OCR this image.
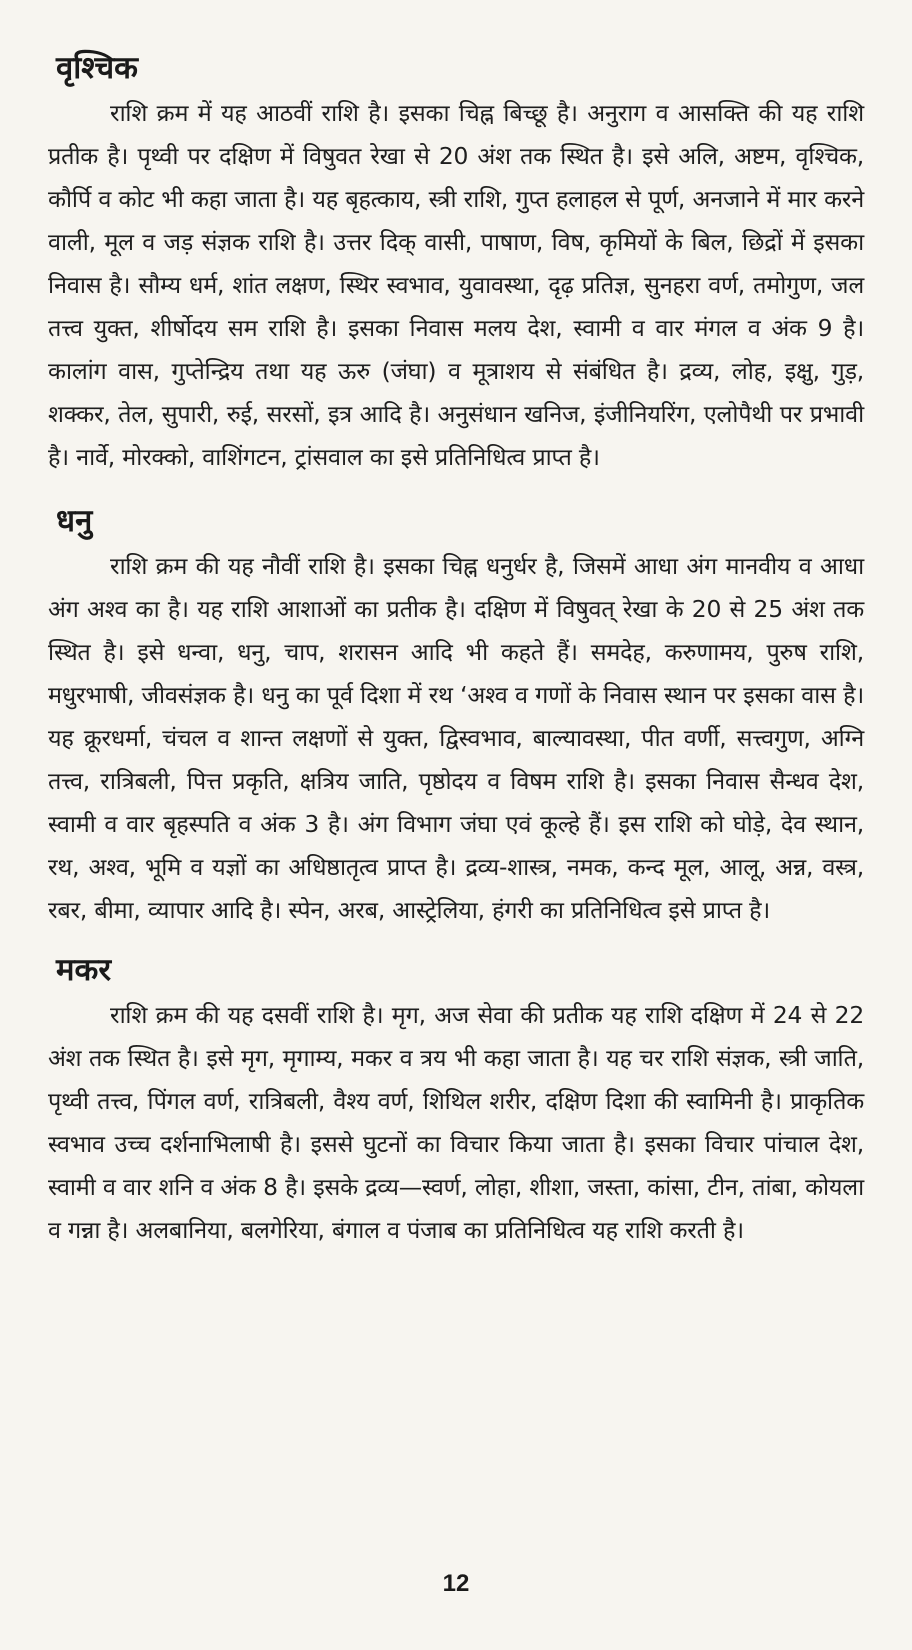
वृश्चिक

राशि क्रम में यह आठवीं राशि है। इसका चिह्न बिच्छू है। अनुराग व आसक्ति की यह राशि प्रतीक है। पृथ्वी पर दक्षिण में विषुवत रेखा से 20 अंश तक स्थित है। इसे अलि, अष्टम, वृश्चिक, कौर्पि व कोट भी कहा जाता है। यह बृहत्काय, स्त्री राशि, गुप्त हलाहल से पूर्ण, अनजाने में मार करने वाली, मूल व जड़ संज्ञक राशि है। उत्तर दिक् वासी, पाषाण, विष, कृमियों के बिल, छिद्रों में इसका निवास है। सौम्य धर्म, शांत लक्षण, स्थिर स्वभाव, युवावस्था, दृढ़ प्रतिज्ञ, सुनहरा वर्ण, तमोगुण, जल तत्त्व युक्त, शीर्षोदय सम राशि है। इसका निवास मलय देश, स्वामी व वार मंगल व अंक 9 है। कालांग वास, गुप्तेन्द्रिय तथा यह ऊरु (जंघा) व मूत्राशय से संबंधित है। द्रव्य, लोह, इक्षु, गुड़, शक्कर, तेल, सुपारी, रुई, सरसों, इत्र आदि है। अनुसंधान खनिज, इंजीनियरिंग, एलोपैथी पर प्रभावी है। नार्वे, मोरक्को, वाशिंगटन, ट्रांसवाल का इसे प्रतिनिधित्व प्राप्त है।

धनु

राशि क्रम की यह नौवीं राशि है। इसका चिह्न धनुर्धर है, जिसमें आधा अंग मानवीय व आधा अंग अश्व का है। यह राशि आशाओं का प्रतीक है। दक्षिण में विषुवत् रेखा के 20 से 25 अंश तक स्थित है। इसे धन्वा, धनु, चाप, शरासन आदि भी कहते हैं। समदेह, करुणामय, पुरुष राशि, मधुरभाषी, जीवसंज्ञक है। धनु का पूर्व दिशा में रथ ‘अश्व व गणों के निवास स्थान पर इसका वास है। यह क्रूरधर्मा, चंचल व शान्त लक्षणों से युक्त, द्विस्वभाव, बाल्यावस्था, पीत वर्णी, सत्त्वगुण, अग्नि तत्त्व, रात्रिबली, पित्त प्रकृति, क्षत्रिय जाति, पृष्ठोदय व विषम राशि है। इसका निवास सैन्धव देश, स्वामी व वार बृहस्पति व अंक 3 है। अंग विभाग जंघा एवं कूल्हे हैं। इस राशि को घोड़े, देव स्थान, रथ, अश्व, भूमि व यज्ञों का अधिष्ठातृत्व प्राप्त है। द्रव्य-शास्त्र, नमक, कन्द मूल, आलू, अन्न, वस्त्र, रबर, बीमा, व्यापार आदि है। स्पेन, अरब, आस्ट्रेलिया, हंगरी का प्रतिनिधित्व इसे प्राप्त है।

मकर

राशि क्रम की यह दसवीं राशि है। मृग, अज सेवा की प्रतीक यह राशि दक्षिण में 24 से 22 अंश तक स्थित है। इसे मृग, मृगाम्य, मकर व त्रय भी कहा जाता है। यह चर राशि संज्ञक, स्त्री जाति, पृथ्वी तत्त्व, पिंगल वर्ण, रात्रिबली, वैश्य वर्ण, शिथिल शरीर, दक्षिण दिशा की स्वामिनी है। प्राकृतिक स्वभाव उच्च दर्शनाभिलाषी है। इससे घुटनों का विचार किया जाता है। इसका विचार पांचाल देश, स्वामी व वार शनि व अंक 8 है। इसके द्रव्य—स्वर्ण, लोहा, शीशा, जस्ता, कांसा, टीन, तांबा, कोयला व गन्ना है। अलबानिया, बलगेरिया, बंगाल व पंजाब का प्रतिनिधित्व यह राशि करती है।

12
